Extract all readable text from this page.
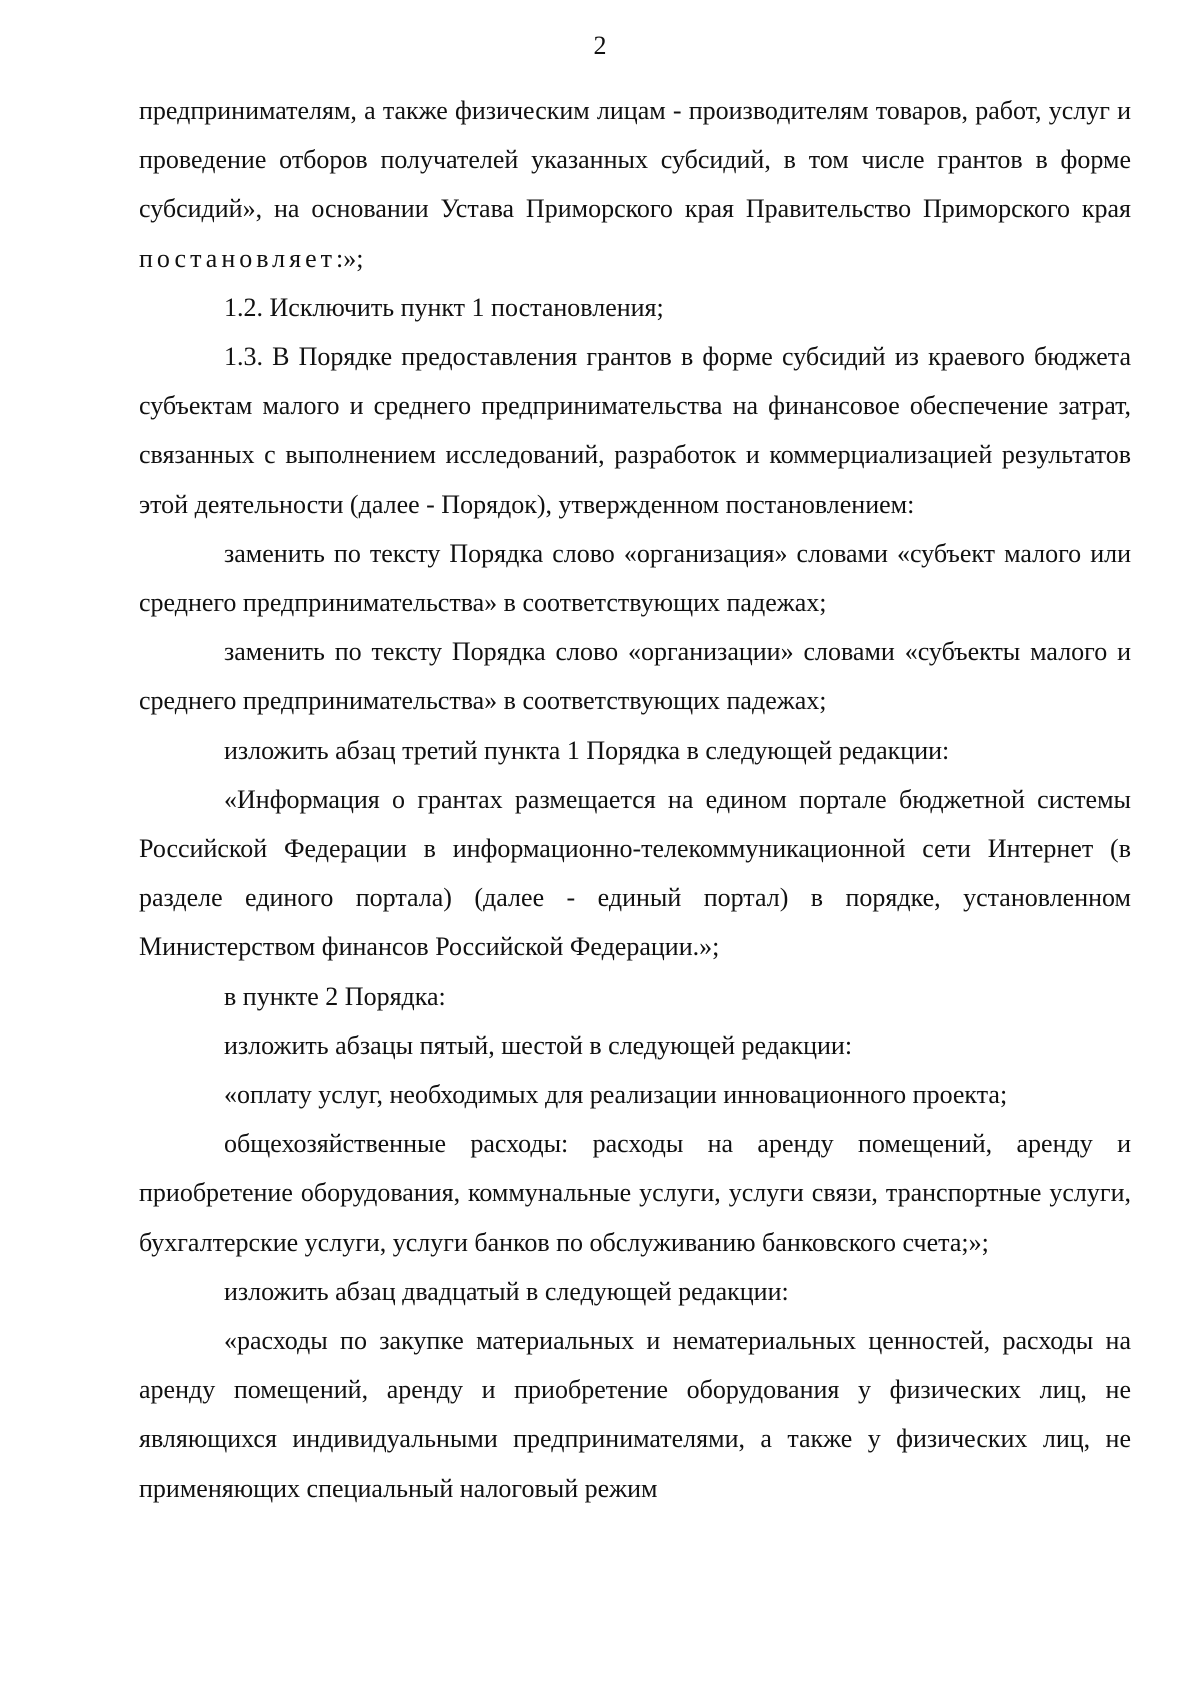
2

предпринимателям, а также физическим лицам - производителям товаров, работ, услуг и проведение отборов получателей указанных субсидий, в том числе грантов в форме субсидий», на основании Устава Приморского края Правительство Приморского края постановляет:»;

1.2. Исключить пункт 1 постановления;

1.3. В Порядке предоставления грантов в форме субсидий из краевого бюджета субъектам малого и среднего предпринимательства на финансовое обеспечение затрат, связанных с выполнением исследований, разработок и коммерциализацией результатов этой деятельности (далее - Порядок), утвержденном постановлением:

заменить по тексту Порядка слово «организация» словами «субъект малого или среднего предпринимательства» в соответствующих падежах;

заменить по тексту Порядка слово «организации» словами «субъекты малого и среднего предпринимательства» в соответствующих падежах;

изложить абзац третий пункта 1 Порядка в следующей редакции:

«Информация о грантах размещается на едином портале бюджетной системы Российской Федерации в информационно-телекоммуникационной сети Интернет (в разделе единого портала) (далее - единый портал) в порядке, установленном Министерством финансов Российской Федерации.»;

в пункте 2 Порядка:

изложить абзацы пятый, шестой в следующей редакции:

«оплату услуг, необходимых для реализации инновационного проекта;

общехозяйственные расходы: расходы на аренду помещений, аренду и приобретение оборудования, коммунальные услуги, услуги связи, транспортные услуги, бухгалтерские услуги, услуги банков по обслуживанию банковского счета;»;

изложить абзац двадцатый в следующей редакции:

«расходы по закупке материальных и нематериальных ценностей, расходы на аренду помещений, аренду и приобретение оборудования у физических лиц, не являющихся индивидуальными предпринимателями, а также у физических лиц, не применяющих специальный налоговый режим
